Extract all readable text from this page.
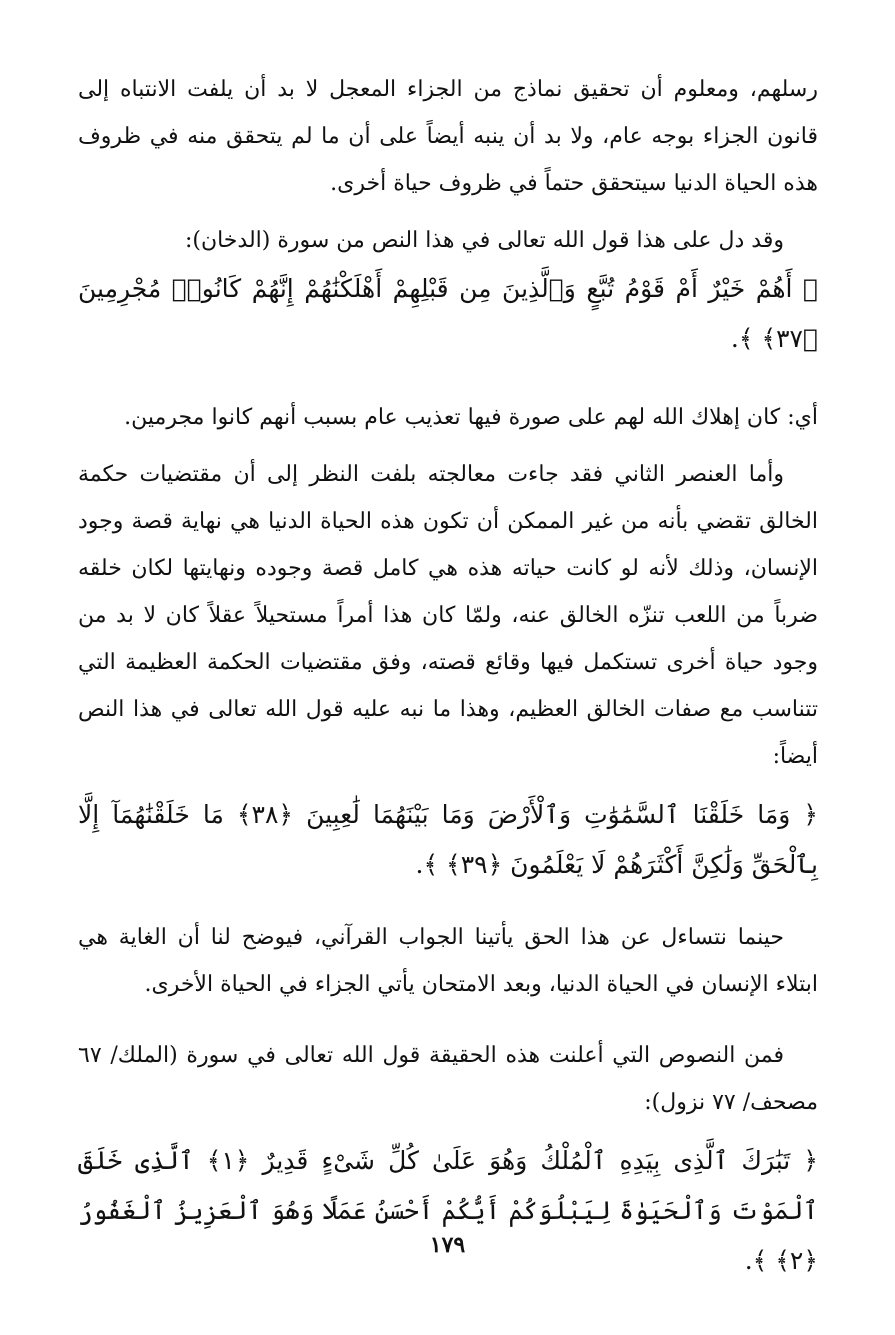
رسلهم، ومعلوم أن تحقيق نماذج من الجزاء المعجل لا بد أن يلفت الانتباه إلى قانون الجزاء بوجه عام، ولا بد أن ينبه أيضاً على أن ما لم يتحقق منه في ظروف هذه الحياة الدنيا سيتحقق حتماً في ظروف حياة أخرى.

وقد دل على هذا قول الله تعالى في هذا النص من سورة (الدخان):

﴿ أَهُمْ خَيْرٌ أَمْ قَوْمُ تُبَّعٍ وَٱلَّذِينَ مِن قَبْلِهِمْ أَهْلَكْنَٰهُمْ إِنَّهُمْ كَانُوا۟ مُجْرِمِينَ ﴿٣٧﴾ ﴾.

أي: كان إهلاك الله لهم على صورة فيها تعذيب عام بسبب أنهم كانوا مجرمين.

وأما العنصر الثاني فقد جاءت معالجته بلفت النظر إلى أن مقتضيات حكمة الخالق تقضي بأنه من غير الممكن أن تكون هذه الحياة الدنيا هي نهاية قصة وجود الإنسان، وذلك لأنه لو كانت حياته هذه هي كامل قصة وجوده ونهايتها لكان خلقه ضرباً من اللعب تنزّه الخالق عنه، ولمّا كان هذا أمراً مستحيلاً عقلاً كان لا بد من وجود حياة أخرى تستكمل فيها وقائع قصته، وفق مقتضيات الحكمة العظيمة التي تتناسب مع صفات الخالق العظيم، وهذا ما نبه عليه قول الله تعالى في هذا النص أيضاً:

﴿ وَمَا خَلَقْنَا ٱلسَّمَٰوَٰتِ وَٱلْأَرْضَ وَمَا بَيْنَهُمَا لَٰعِبِينَ ﴿٣٨﴾ مَا خَلَقْنَٰهُمَآ إِلَّا بِٱلْحَقِّ وَلَٰكِنَّ أَكْثَرَهُمْ لَا يَعْلَمُونَ ﴿٣٩﴾ ﴾.

حينما نتساءل عن هذا الحق يأتينا الجواب القرآني، فيوضح لنا أن الغاية هي ابتلاء الإنسان في الحياة الدنيا، وبعد الامتحان يأتي الجزاء في الحياة الأخرى.

فمن النصوص التي أعلنت هذه الحقيقة قول الله تعالى في سورة (الملك/ ٦٧ مصحف/ ٧٧ نزول):

﴿ تَبَٰرَكَ ٱلَّذِى بِيَدِهِ ٱلْمُلْكُ وَهُوَ عَلَىٰ كُلِّ شَىْءٍ قَدِيرٌ ﴿١﴾ ٱلَّذِى خَلَقَ ٱلْمَوْتَ وَٱلْحَيَوٰةَ لِيَبْلُوَكُمْ أَيُّكُمْ أَحْسَنُ عَمَلًا وَهُوَ ٱلْعَزِيزُ ٱلْغَفُورُ ﴿٢﴾ ﴾.

١٧٩
